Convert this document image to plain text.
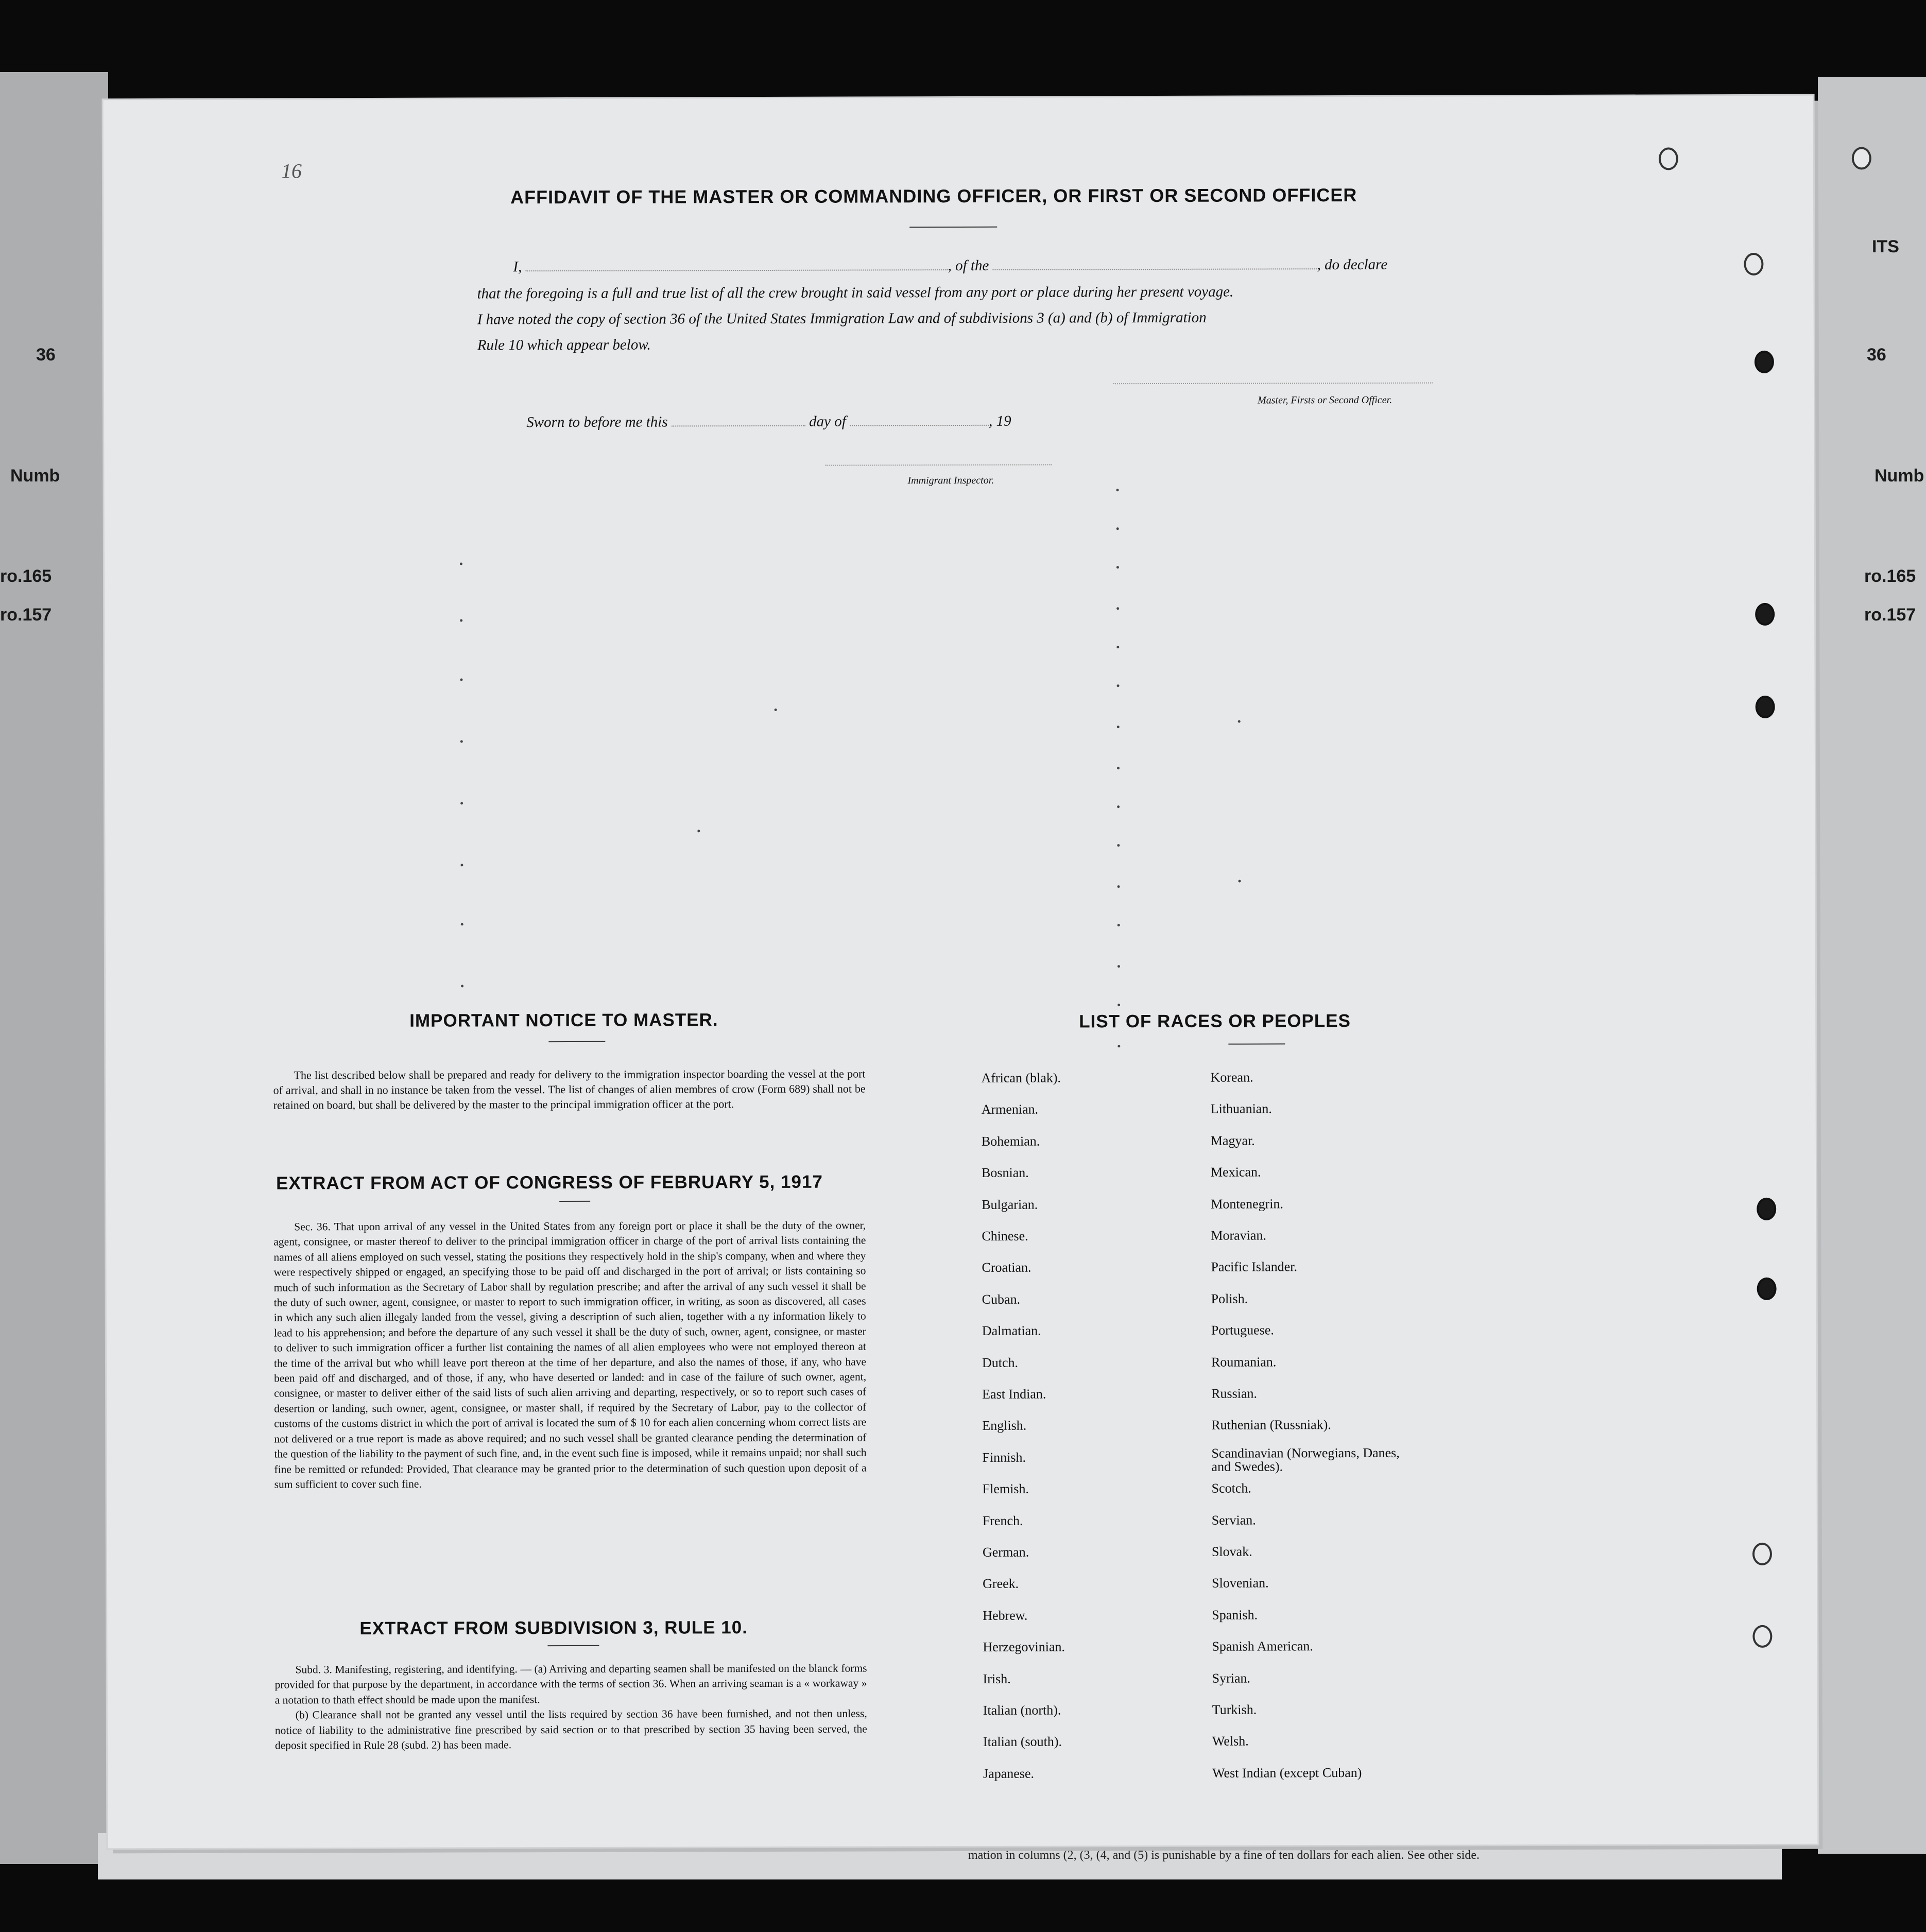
36
Numb
ro.165
ro.157
ITS
36
Numb
ro.165
ro.157
mation in columns (2, (3, (4, and (5) is punishable by a fine of ten dollars for each alien. See other side.
16
AFFIDAVIT OF THE MASTER OR COMMANDING OFFICER, OR FIRST OR SECOND OFFICER
I,	, of the	, do declare
that the foregoing is a full and true list of all the crew brought in said vessel from any port or place during her present voyage.
I have noted the copy of section 36 of the United States Immigration Law and of subdivisions 3 (a) and (b) of Immigration
Rule 10 which appear below.
Master, Firsts or Second Officer.
Sworn to before me this	day of	, 19
Immigrant Inspector.
IMPORTANT NOTICE TO MASTER.
The list described below shall be prepared and ready for delivery to the immigration inspector boarding the vessel at the port of arrival, and shall in no instance be taken from the vessel. The list of changes of alien membres of crow (Form 689) shall not be retained on board, but shall be delivered by the master to the principal immigration officer at the port.
EXTRACT FROM ACT OF CONGRESS OF FEBRUARY 5, 1917

Sec. 36. That upon arrival of any vessel in the United States from any foreign port or place it shall be the duty of the owner, agent, consignee, or master thereof to deliver to the principal immigration officer in charge of the port of arrival lists containing the names of all aliens employed on such vessel, stating the positions they respectively hold in the ship's company, when and where they were respectively shipped or engaged, an specifying those to be paid off and discharged in the port of arrival; or lists containing so much of such information as the Secretary of Labor shall by regulation prescribe; and after the arrival of any such vessel it shall be the duty of such owner, agent, consignee, or master to report to such immigration officer, in writing, as soon as discovered, all cases in which any such alien illegaly landed from the vessel, giving a description of such alien, together with a ny information likely to lead to his apprehension; and before the departure of any such vessel it shall be the duty of such, owner, agent, consignee, or master to deliver to such immigration officer a further list containing the names of all alien employees who were not employed thereon at the time of the arrival but who whill leave port thereon at the time of her departure, and also the names of those, if any, who have been paid off and discharged, and of those, if any, who have deserted or landed: and in case of the failure of such owner, agent, consignee, or master to deliver either of the said lists of such alien arriving and departing, respectively, or so to report such cases of desertion or landing, such owner, agent, consignee, or master shall, if required by the Secretary of Labor, pay to the collector of customs of the customs district in which the port of arrival is located the sum of $ 10 for each alien concerning whom correct lists are not delivered or a true report is made as above required; and no such vessel shall be granted clearance pending the determination of the question of the liability to the payment of such fine, and, in the event such fine is imposed, while it remains unpaid; nor shall such fine be remitted or refunded: Provided, That clearance may be granted prior to the determination of such question upon deposit of a sum sufficient to cover such fine.

EXTRACT FROM SUBDIVISION 3, RULE 10.

Subd. 3. Manifesting, registering, and identifying. — (a) Arriving and departing seamen shall be manifested on the blanck forms provided for that purpose by the department, in accordance with the terms of section 36. When an arriving seaman is a « workaway » a notation to thath effect should be made upon the manifest.

(b) Clearance shall not be granted any vessel until the lists required by section 36 have been furnished, and not then unless, notice of liability to the administrative fine prescribed by said section or to that prescribed by section 35 having been served, the deposit specified in Rule 28 (subd. 2) has been made.

LIST OF RACES OR PEOPLES
African (blak).
Armenian.
Bohemian.
Bosnian.
Bulgarian.
Chinese.
Croatian.
Cuban.
Dalmatian.
Dutch.
East Indian.
English.
Finnish.
Flemish.
French.
German.
Greek.
Hebrew.
Herzegovinian.
Irish.
Italian (north).
Italian (south).
Japanese.
Korean.
Lithuanian.
Magyar.
Mexican.
Montenegrin.
Moravian.
Pacific Islander.
Polish.
Portuguese.
Roumanian.
Russian.
Ruthenian (Russniak).
Scandinavian (Norwegians, Danes, and Swedes).
Scotch.
Servian.
Slovak.
Slovenian.
Spanish.
Spanish American.
Syrian.
Turkish.
Welsh.
West Indian (except Cuban)
